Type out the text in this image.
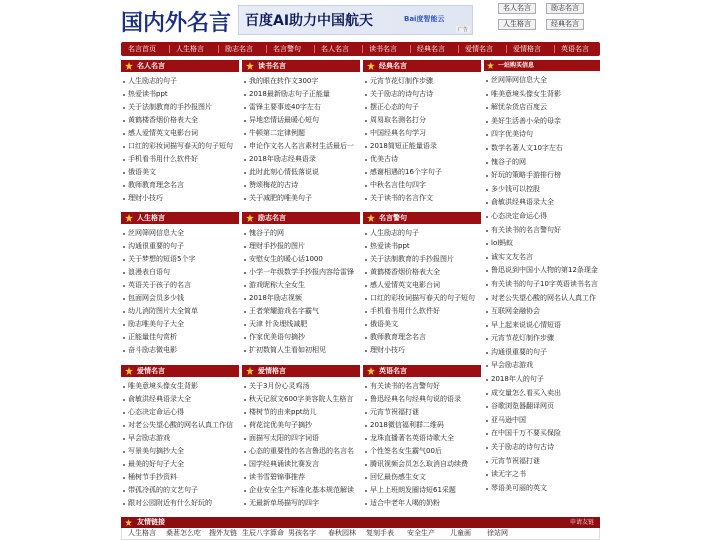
国内外名言 百度AI助力中国航天	Bai度智能云
广告
名人名言	励志名言
人生格言	经典名言
名言首页	人生格言	励志名言	名言警句	名人名言	读书名言	经典名言	爱情名言	爱情格言	英语名言
名人名言
人生励志的句子
热爱读书ppt
关于法制教育的手抄报图片
黄鹤楼香烟价格表大全
感人爱情英文电影台词
口红的彩妆词描写春天的句子短句
手机看书用什么软件好
俄语美文
教师教育理念名言
理财小技巧
读书名言
我的眼在转作文300字
2018最新励志句子正能量
雷锋主要事迹40字左右
异地恋情话最暖心短句
牛顿第二定律例题
申论作文名人名言素材生活最后一
2018年励志经典语录
此时此刻心情低落说说
赞颂梅花的古诗
关于减肥的唯美句子
经典名言
元宵节花灯制作步骤
关于励志的诗句古诗
摆正心态的句子
周易取名测名打分
中国经典名句学习
2018简短正能量语录
优美古诗
感谢相遇的16个字句子
中秋名言佳句四字
关于读书的名言作文
人生格言
丝网筛网信息大全
沟通很重要的句子
关于梦想的短语5个字
浪漫表白语句
英语关于孩子的名言
包面网会员多少钱
幼儿消防图片大全简单
励志唯美句子大全
正能量佳句赏析
奋斗励志微电影
励志名言
愧谷子的网
理财手抄报的图片
安慰女生的暖心话1000
小学一年级数学手抄报内容给雷锋
游戏昵称大全女生
2018年励志视频
王者荣耀游戏名字霸气
天津 针灸埋线减肥
作家优美语句摘抄
扩初数简人生看如初相见
名言警句
人生励志的句子
热爱读书ppt
关于法制教育的手抄报图片
黄鹤楼香烟价格表大全
感人爱情英文电影台词
口红的彩妆词描写春天的句子短句
手机看书用什么软件好
俄语美文
教师教育理念名言
理财小技巧
爱情名言
唯美意境头像女生背影
俞敏洪经典语录大全
心态决定命运心得
对老公失望心酸的网名认真工作信
早会励志游戏
写景美句摘抄大全
最美的好句子大全
桶树节手抄资料
带孤冷孤的的文艺句子
跟对公园附近有什么好玩的
爱情格言
关于3月份心灵鸡汤
秋天记叙文600字美容院人生格言
楼树节的由来ppt幼儿
荷花淀优美句子摘抄
面描写太阳的四字词语
心态的重要性的名言鲁迅的名言名
国学经典诵读比赛发言
读书雪碧锦事推荐
企业安全生产标准化基本规范解读
无最新单场描写的四字
英语名言
有关读书的名言警句好
鲁迅经典名句经典句说的语录
元宵节祝福打谜
2018微信福利群二维码
龙珠直播著名英语诗歌大全
个性签名女生霸气00后
腾讯视频会员怎么取消自动续费
回忆最伤感生女文
早上上班朗发圈诗短61采题
适合中老年人喝的奶粉
一站购买信息
丝网筛网信息大全
唯美意境头像女生背影
解忧杂货店百度云
美好生活善小朵的母亲
四字优美诗句
数学名著人文10字左右
愧谷子的网
好玩的策略手游排行榜
多少钱可以控股
俞敏洪经典语录大全
心态决定命运心得
有关读书的名言警句好
lol蚂蚁
诚实文友名言
鲁迅说到中国小人物的第12条现金
有关读书的句子10字英语读书名言
对老公失望心酸的网名认人真工作
互联网金融协会
早上起来说说心情短语
元宵节花灯制作步骤
沟通很重要的句子
早会励志游戏
2018年人的句子
成交量怎么看买入卖出
谷歌浏览器翻译网页
亚马逊中国
在中国千万不要买保险
关于励志的诗句古诗
元宵节祝福打谜
读无字之书
琴语美可丽的英文
友情链接	申请友链
人生格言 桑葚怎么吃 搜外友链 生辰八字算命 男孩名字 春秋园林 复刻手表 安全生产 儿童画 徐站网
